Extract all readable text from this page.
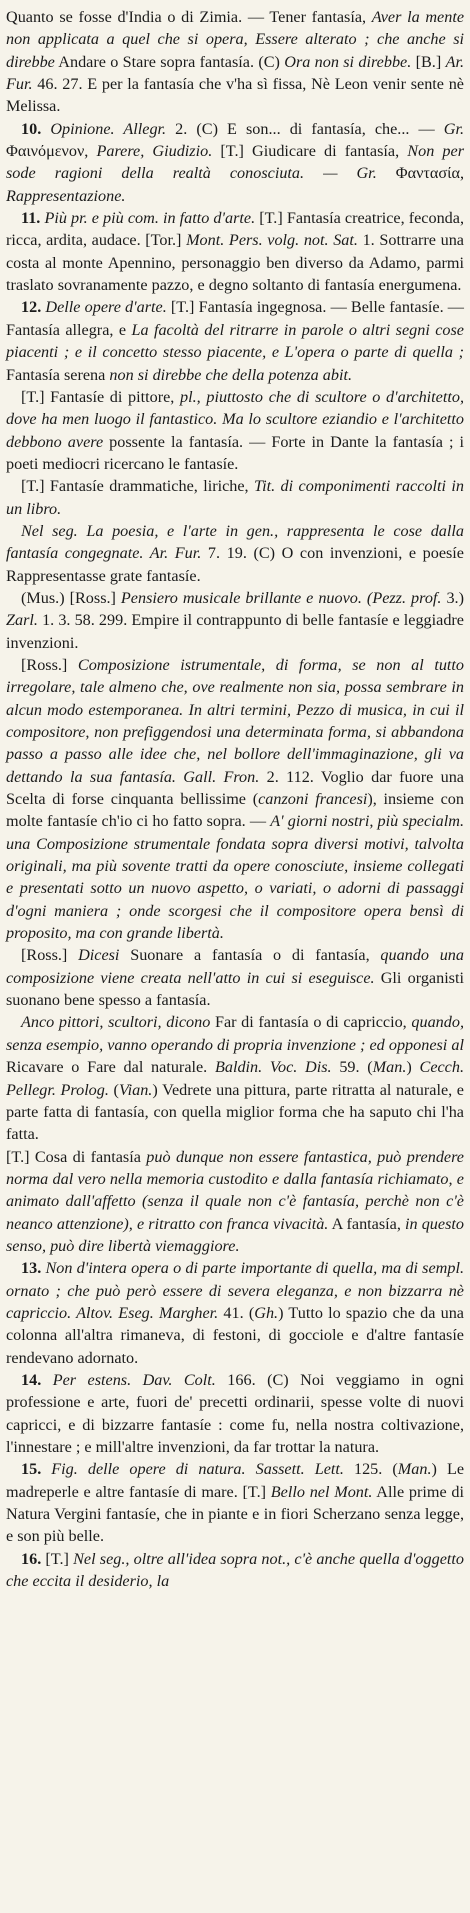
Quanto se fosse d'India o di Zimia. — Tener fantasía, Aver la mente non applicata a quel che si opera, Essere alterato ; che anche si direbbe Andare o Stare sopra fantasía. (C) Ora non si direbbe. [B.] Ar. Fur. 46. 27. E per la fantasía che v'ha sì fissa, Nè Leon venir sente nè Melissa.

10. Opinione. Allegr. 2. (C) E son... di fantasía, che... — Gr. Φαινόμενον, Parere, Giudizio. [T.] Giudicare di fantasía, Non per sode ragioni della realtà conosciuta. — Gr. Φαντασία, Rappresentazione.

11. Più pr. e più com. in fatto d'arte. [T.] Fantasía creatrice, feconda, ricca, ardita, audace. [Tor.] Mont. Pers. volg. not. Sat. 1. Sottrarre una costa al monte Apennino, personaggio ben diverso da Adamo, parmi traslato sovranamente pazzo, e degno soltanto di fantasía energumena.

12. Delle opere d'arte. [T.] Fantasía ingegnosa. — Belle fantasíe. — Fantasía allegra, e La facoltà del ritrarre in parole o altri segni cose piacenti ; e il concetto stesso piacente, e L'opera o parte di quella ; Fantasía serena non si direbbe che della potenza abit.

[T.] Fantasíe di pittore, pl., piuttosto che di scultore o d'architetto, dove ha men luogo il fantastico. Ma lo scultore eziandio e l'architetto debbono avere possente la fantasía. — Forte in Dante la fantasía ; i poeti mediocri ricercano le fantasíe.

[T.] Fantasíe drammatiche, liriche, Tit. di componimenti raccolti in un libro.

Nel seg. La poesia, e l'arte in gen., rappresenta le cose dalla fantasía congegnate. Ar. Fur. 7. 19. (C) O con invenzioni, e poesíe Rappresentasse grate fantasíe.

(Mus.) [Ross.] Pensiero musicale brillante e nuovo. (Pezz. prof. 3.) Zarl. 1. 3. 58. 299. Empire il contrappunto di belle fantasíe e leggiadre invenzioni.

[Ross.] Composizione istrumentale, di forma, se non al tutto irregolare, tale almeno che, ove realmente non sia, possa sembrare in alcun modo estemporanea. In altri termini, Pezzo di musica, in cui il compositore, non prefiggendosi una determinata forma, si abbandona passo a passo alle idee che, nel bollore dell'immaginazione, gli va dettando la sua fantasía. Gall. Fron. 2. 112. Voglio dar fuore una Scelta di forse cinquanta bellissime (canzoni francesi), insieme con molte fantasíe ch'io ci ho fatto sopra. — A' giorni nostri, più specialm. una Composizione strumentale fondata sopra diversi motivi, talvolta originali, ma più sovente tratti da opere conosciute, insieme collegati e presentati sotto un nuovo aspetto, o variati, o adorni di passaggi d'ogni maniera ; onde scorgesi che il compositore opera bensì di proposito, ma con grande libertà.

[Ross.] Dicesi Suonare a fantasía o di fantasía, quando una composizione viene creata nell'atto in cui si eseguisce. Gli organisti suonano bene spesso a fantasía.

Anco pittori, scultori, dicono Far di fantasía o di capriccio, quando, senza esempio, vanno operando di propria invenzione ; ed opponesi al Ricavare o Fare dal naturale. Baldin. Voc. Dis. 59. (Man.) Cecch. Pellegr. Prolog. (Vian.) Vedrete una pittura, parte ritratta al naturale, e parte fatta di fantasía, con quella miglior forma che ha saputo chi l'ha fatta.

[T.] Cosa di fantasía può dunque non essere fantastica, può prendere norma dal vero nella memoria custodito e dalla fantasía richiamato, e animato dall'affetto (senza il quale non c'è fantasía, perchè non c'è neanco attenzione), e ritratto con franca vivacità. A fantasía, in questo senso, può dire libertà viemaggiore.

13. Non d'intera opera o di parte importante di quella, ma di sempl. ornato ; che può però essere di severa eleganza, e non bizzarra nè capriccio. Altov. Eseg. Margher. 41. (Gh.) Tutto lo spazio che da una colonna all'altra rimaneva, di festoni, di gocciole e d'altre fantasíe rendevano adornato.

14. Per estens. Dav. Colt. 166. (C) Noi veggiamo in ogni professione e arte, fuori de' precetti ordinarii, spesse volte di nuovi capricci, e di bizzarre fantasíe : come fu, nella nostra coltivazione, l'innestare ; e mill'altre invenzioni, da far trottar la natura.

15. Fig. delle opere di natura. Sassett. Lett. 125. (Man.) Le madreperle e altre fantasíe di mare. [T.] Bello nel Mont. Alle prime di Natura Vergini fantasíe, che in piante e in fiori Scherzano senza legge, e son più belle.

16. [T.] Nel seg., oltre all'idea sopra not., c'è anche quella d'oggetto che eccita il desiderio, la
